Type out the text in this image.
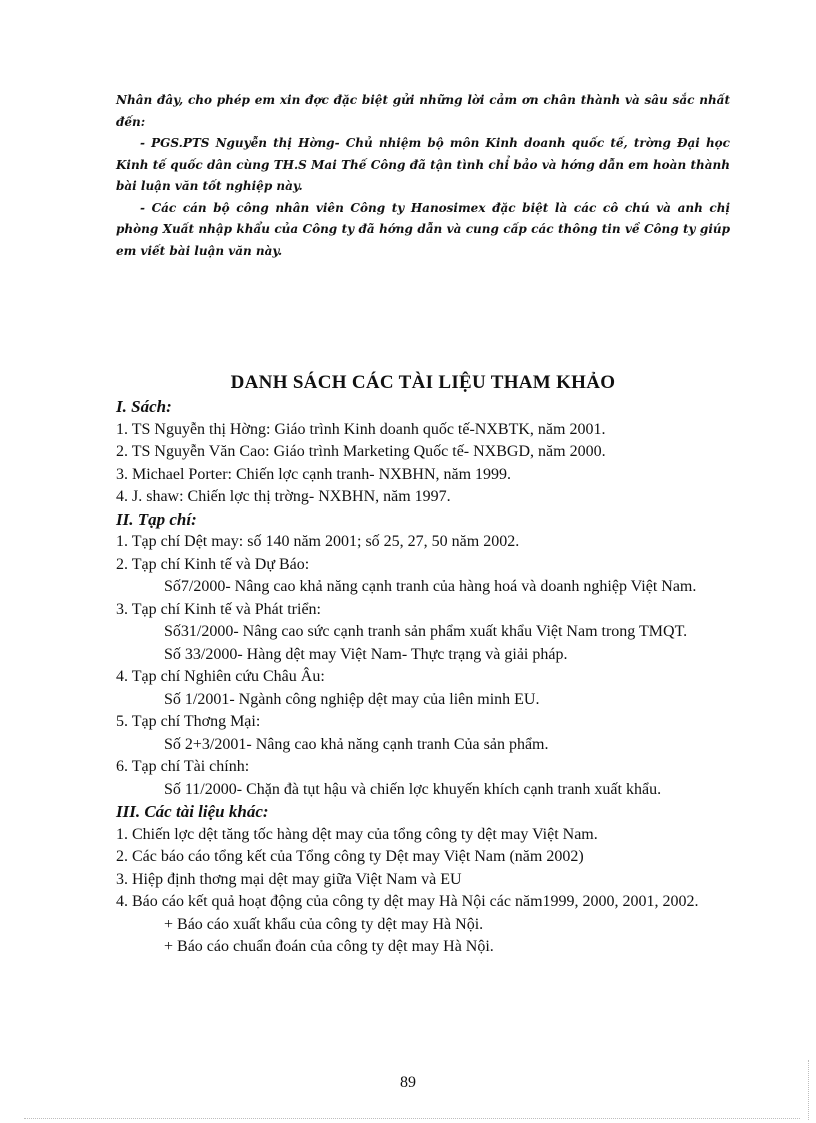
Nhân đây, cho phép em xin đợc đặc biệt gửi những lời cảm ơn chân thành và sâu sắc nhất đến:

- PGS.PTS Nguyễn thị Hờng- Chủ nhiệm bộ môn Kinh doanh quốc tế, trờng Đại học Kinh tế quốc dân cùng TH.S Mai Thế Công đã tận tình chỉ bảo và hớng dẫn em hoàn thành bài luận văn tốt nghiệp này.

- Các cán bộ công nhân viên Công ty Hanosimex đặc biệt là các cô chú và anh chị phòng Xuất nhập khẩu của Công ty đã hớng dẫn và cung cấp các thông tin về Công ty giúp em viết bài luận văn này.

DANH SÁCH CÁC TÀI LIỆU THAM KHẢO

I. Sách:

1. TS Nguyễn thị Hờng: Giáo trình Kinh doanh quốc tế-NXBTK, năm 2001.

2. TS Nguyễn Văn Cao: Giáo trình Marketing Quốc tế- NXBGD, năm 2000.

3. Michael Porter: Chiến lợc cạnh tranh- NXBHN, năm 1999.

4. J. shaw: Chiến lợc thị trờng- NXBHN, năm 1997.

II. Tạp chí:

1. Tạp chí Dệt may: số 140 năm 2001; số 25, 27, 50 năm 2002.

2. Tạp chí Kinh tế và Dự Báo:

Số7/2000- Nâng cao khả năng cạnh tranh của hàng hoá và doanh nghiệp Việt Nam.

3. Tạp chí Kinh tế và Phát triển:

Số31/2000- Nâng cao sức cạnh tranh sản phẩm xuất khẩu Việt Nam trong TMQT.

Số 33/2000- Hàng dệt may Việt Nam- Thực trạng và giải pháp.

4. Tạp chí Nghiên cứu Châu Âu:

Số 1/2001- Ngành công nghiệp dệt may của liên minh EU.

5. Tạp chí Thơng Mại:

Số 2+3/2001- Nâng cao khả năng cạnh tranh Của sản phẩm.

6. Tạp chí Tài chính:

Số 11/2000- Chặn đà tụt hậu và chiến lợc khuyến khích cạnh tranh xuất khẩu.

III. Các tài liệu khác:

1. Chiến lợc dệt tăng tốc hàng dệt may của tổng công ty dệt may Việt Nam.

2. Các báo cáo tổng kết của Tổng công ty Dệt may Việt Nam (năm 2002)

3. Hiệp định thơng mại dệt may giữa Việt Nam và EU

4. Báo cáo kết quả hoạt động của công ty dệt may Hà Nội các năm1999, 2000, 2001, 2002.

+ Báo cáo xuất khẩu của công ty dệt may Hà Nội.

+ Báo cáo chuẩn đoán của công ty dệt may Hà Nội.

89
